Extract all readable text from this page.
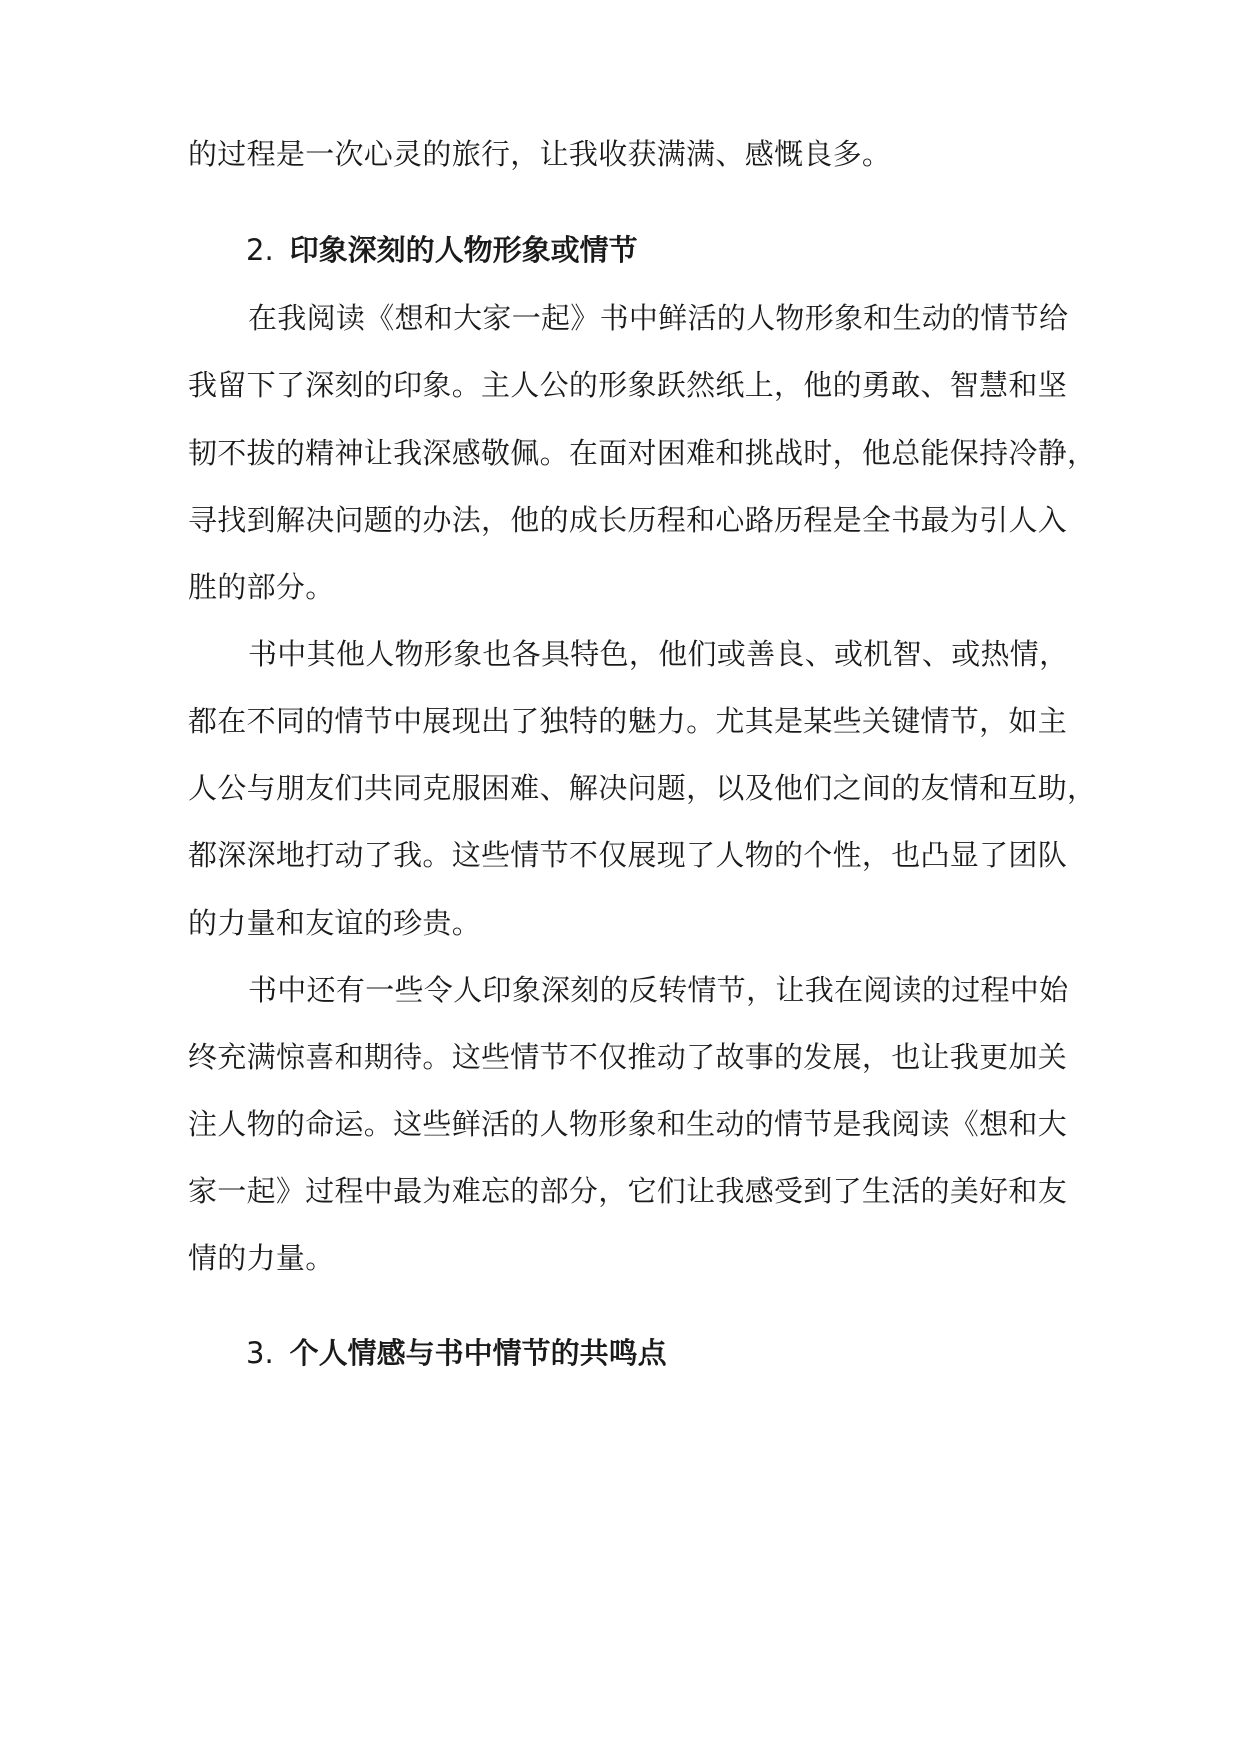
的过程是一次心灵的旅行，让我收获满满、感慨良多。
2. 印象深刻的人物形象或情节
在我阅读《想和大家一起》书中鲜活的人物形象和生动的情节给
我留下了深刻的印象。主人公的形象跃然纸上，他的勇敢、智慧和坚
韧不拔的精神让我深感敬佩。在面对困难和挑战时，他总能保持冷静，
寻找到解决问题的办法，他的成长历程和心路历程是全书最为引人入
胜的部分。
书中其他人物形象也各具特色，他们或善良、或机智、或热情，
都在不同的情节中展现出了独特的魅力。尤其是某些关键情节，如主
人公与朋友们共同克服困难、解决问题，以及他们之间的友情和互助，
都深深地打动了我。这些情节不仅展现了人物的个性，也凸显了团队
的力量和友谊的珍贵。
书中还有一些令人印象深刻的反转情节，让我在阅读的过程中始
终充满惊喜和期待。这些情节不仅推动了故事的发展，也让我更加关
注人物的命运。这些鲜活的人物形象和生动的情节是我阅读《想和大
家一起》过程中最为难忘的部分，它们让我感受到了生活的美好和友
情的力量。
3. 个人情感与书中情节的共鸣点
